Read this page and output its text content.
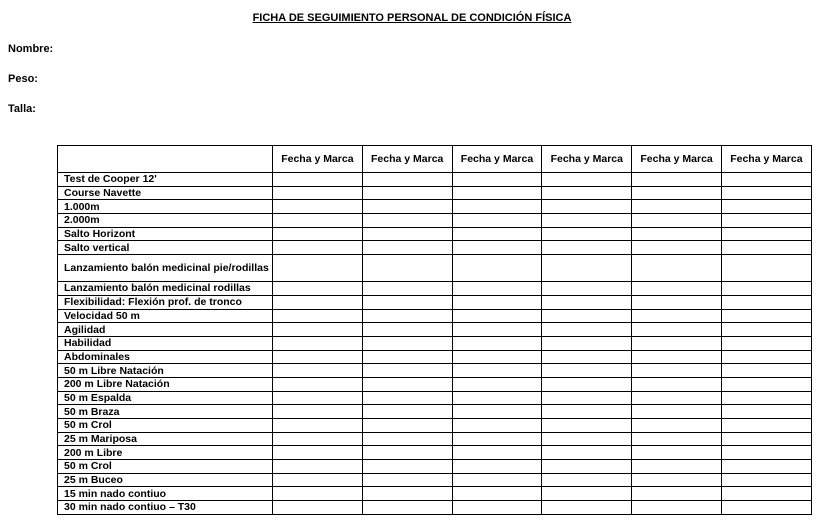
FICHA DE SEGUIMIENTO PERSONAL DE CONDICIÓN FÍSICA
Nombre:
Peso:
Talla:
	Fecha y Marca	Fecha y Marca	Fecha y Marca	Fecha y Marca	Fecha y Marca	Fecha y Marca
Test de Cooper 12'						
Course Navette						
1.000m						
2.000m						
Salto Horizont						
Salto vertical						
Lanzamiento balón medicinal pie/rodillas						
Lanzamiento balón medicinal rodillas						
Flexibilidad: Flexión prof. de tronco						
Velocidad 50 m						
Agilidad						
Habilidad						
Abdominales						
50 m Libre Natación						
200 m Libre Natación						
50 m Espalda						
50 m Braza						
50 m Crol						
25 m Mariposa						
200 m Libre						
50 m Crol						
25 m Buceo						
15 min nado contiuo						
30 min nado contiuo – T30						
